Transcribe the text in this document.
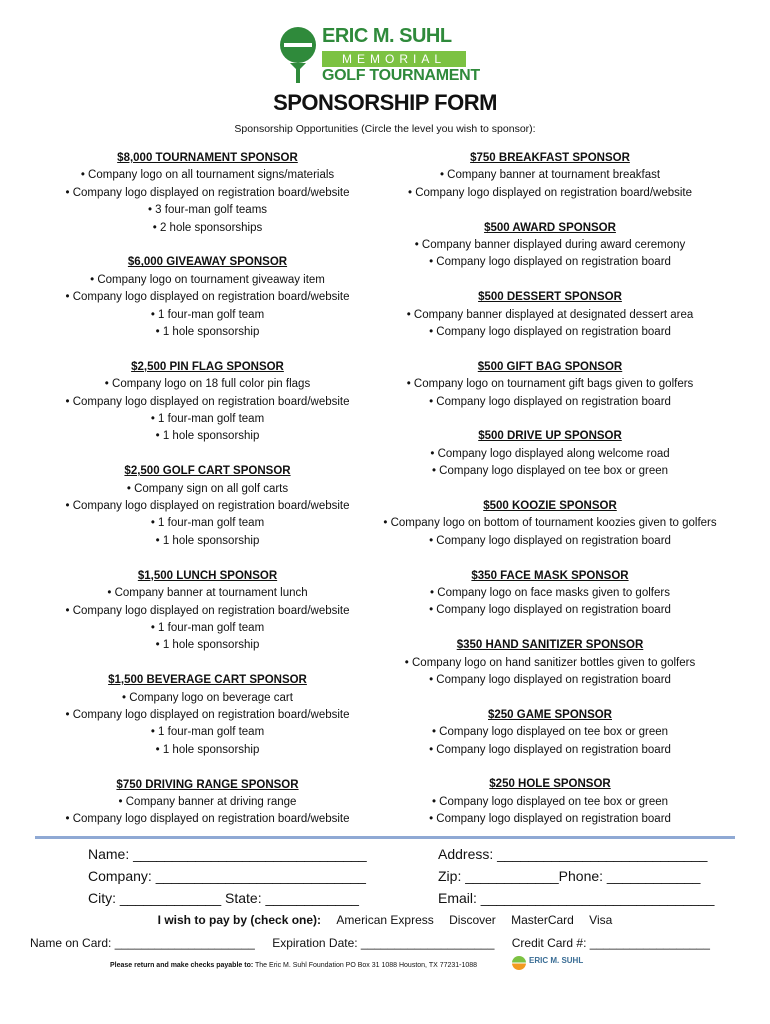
ERIC M. SUHL
MEMORIAL
GOLF TOURNAMENT
SPONSORSHIP FORM
Sponsorship Opportunities (Circle the level you wish to sponsor):
$8,000 TOURNAMENT SPONSOR
• Company logo on all tournament signs/materials
• Company logo displayed on registration board/website
• 3 four-man golf teams
• 2 hole sponsorships
$6,000 GIVEAWAY SPONSOR
• Company logo on tournament giveaway item
• Company logo displayed on registration board/website
• 1 four-man golf team
• 1 hole sponsorship
$2,500 PIN FLAG SPONSOR
• Company logo on 18 full color pin flags
• Company logo displayed on registration board/website
• 1 four-man golf team
• 1 hole sponsorship
$2,500 GOLF CART SPONSOR
• Company sign on all golf carts
• Company logo displayed on registration board/website
• 1 four-man golf team
• 1 hole sponsorship
$1,500 LUNCH SPONSOR
• Company banner at tournament lunch
• Company logo displayed on registration board/website
• 1 four-man golf team
• 1 hole sponsorship
$1,500 BEVERAGE CART SPONSOR
• Company logo on beverage cart
• Company logo displayed on registration board/website
• 1 four-man golf team
• 1 hole sponsorship
$750 DRIVING RANGE SPONSOR
• Company banner at driving range
• Company logo displayed on registration board/website
$750 BREAKFAST SPONSOR
• Company banner at tournament breakfast
• Company logo displayed on registration board/website
$500 AWARD SPONSOR
• Company banner displayed during award ceremony
• Company logo displayed on registration board
$500 DESSERT SPONSOR
• Company banner displayed at designated dessert area
• Company logo displayed on registration board
$500 GIFT BAG SPONSOR
• Company logo on tournament gift bags given to golfers
• Company logo displayed on registration board
$500 DRIVE UP SPONSOR
• Company logo displayed along welcome road
• Company logo displayed on tee box or green
$500 KOOZIE SPONSOR
• Company logo on bottom of tournament koozies given to golfers
• Company logo displayed on registration board
$350 FACE MASK SPONSOR
• Company logo on face masks given to golfers
• Company logo displayed on registration board
$350 HAND SANITIZER SPONSOR
• Company logo on hand sanitizer bottles given to golfers
• Company logo displayed on registration board
$250 GAME SPONSOR
• Company logo displayed on tee box or green
• Company logo displayed on registration board
$250 HOLE SPONSOR
• Company logo displayed on tee box or green
• Company logo displayed on registration board
Name: ______________________________
Company: ___________________________
City: _____________ State: ____________
Address: ___________________________
Zip: ____________Phone: ____________
Email: ______________________________
I wish to pay by (check one): American Express Discover MasterCard Visa
Name on Card: _____________________ Expiration Date: ____________________ Credit Card #: __________________
Please return and make checks payable to: The Eric M. Suhl Foundation PO Box 31 1088 Houston, TX 77231-1088
ERIC M. SUHL
